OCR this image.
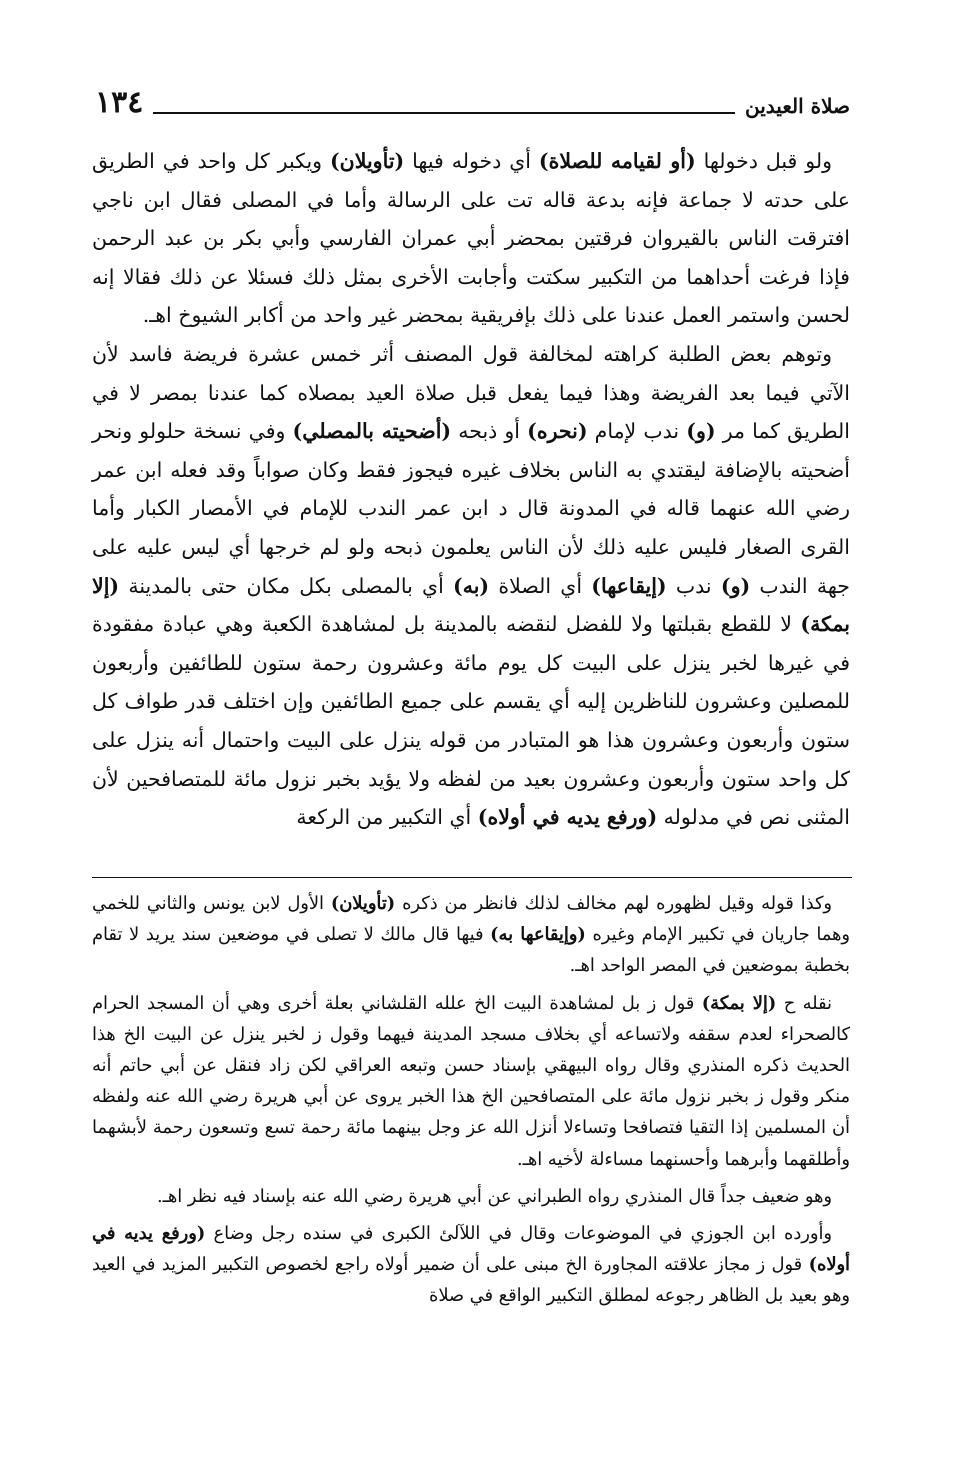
صلاة العيدين
١٣٤

ولو قبل دخولها (أو لقيامه للصلاة) أي دخوله فيها (تأويلان) ويكبر كل واحد في الطريق على حدته لا جماعة فإنه بدعة قاله تت على الرسالة وأما في المصلى فقال ابن ناجي افترقت الناس بالقيروان فرقتين بمحضر أبي عمران الفارسي وأبي بكر بن عبد الرحمن فإذا فرغت أحداهما من التكبير سكتت وأجابت الأخرى بمثل ذلك فسئلا عن ذلك فقالا إنه لحسن واستمر العمل عندنا على ذلك بإفريقية بمحضر غير واحد من أكابر الشيوخ اهـ.

وتوهم بعض الطلبة كراهته لمخالفة قول المصنف أثر خمس عشرة فريضة فاسد لأن الآتي فيما بعد الفريضة وهذا فيما يفعل قبل صلاة العيد بمصلاه كما عندنا بمصر لا في الطريق كما مر (و) ندب لإمام (نحره) أو ذبحه (أضحيته بالمصلي) وفي نسخة حلولو ونحر أضحيته بالإضافة ليقتدي به الناس بخلاف غيره فيجوز فقط وكان صواباً وقد فعله ابن عمر رضي الله عنهما قاله في المدونة قال د ابن عمر الندب للإمام في الأمصار الكبار وأما القرى الصغار فليس عليه ذلك لأن الناس يعلمون ذبحه ولو لم خرجها أي ليس عليه على جهة الندب (و) ندب (إيقاعها) أي الصلاة (به) أي بالمصلى بكل مكان حتى بالمدينة (إلا بمكة) لا للقطع بقبلتها ولا للفضل لنقضه بالمدينة بل لمشاهدة الكعبة وهي عبادة مفقودة في غيرها لخبر ينزل على البيت كل يوم مائة وعشرون رحمة ستون للطائفين وأربعون للمصلين وعشرون للناظرين إليه أي يقسم على جميع الطائفين وإن اختلف قدر طواف كل ستون وأربعون وعشرون هذا هو المتبادر من قوله ينزل على البيت واحتمال أنه ينزل على كل واحد ستون وأربعون وعشرون بعيد من لفظه ولا يؤيد بخبر نزول مائة للمتصافحين لأن المثنى نص في مدلوله (ورفع يديه في أولاه) أي التكبير من الركعة

وكذا قوله وقيل لظهوره لهم مخالف لذلك فانظر من ذكره (تأويلان) الأول لابن يونس والثاني للخمي وهما جاريان في تكبير الإمام وغيره (وإيقاعها به) فيها قال مالك لا تصلى في موضعين سند يريد لا تقام بخطبة بموضعين في المصر الواحد اهـ.

نقله ح (إلا بمكة) قول ز بل لمشاهدة البيت الخ علله القلشاني بعلة أخرى وهي أن المسجد الحرام كالصحراء لعدم سقفه ولاتساعه أي بخلاف مسجد المدينة فيهما وقول ز لخبر ينزل عن البيت الخ هذا الحديث ذكره المنذري وقال رواه البيهقي بإسناد حسن وتبعه العراقي لكن زاد فنقل عن أبي حاتم أنه منكر وقول ز بخبر نزول مائة على المتصافحين الخ هذا الخبر يروى عن أبي هريرة رضي الله عنه ولفظه أن المسلمين إذا التقيا فتصافحا وتساءلا أنزل الله عز وجل بينهما مائة رحمة تسع وتسعون رحمة لأبشهما وأطلقهما وأبرهما وأحسنهما مساءلة لأخيه اهـ.

وهو ضعيف جداً قال المنذري رواه الطبراني عن أبي هريرة رضي الله عنه بإسناد فيه نظر اهـ.

وأورده ابن الجوزي في الموضوعات وقال في اللآلئ الكبرى في سنده رجل وضاع (ورفع يديه في أولاه) قول ز مجاز علاقته المجاورة الخ مبنى على أن ضمير أولاه راجع لخصوص التكبير المزيد في العيد وهو بعيد بل الظاهر رجوعه لمطلق التكبير الواقع في صلاة
